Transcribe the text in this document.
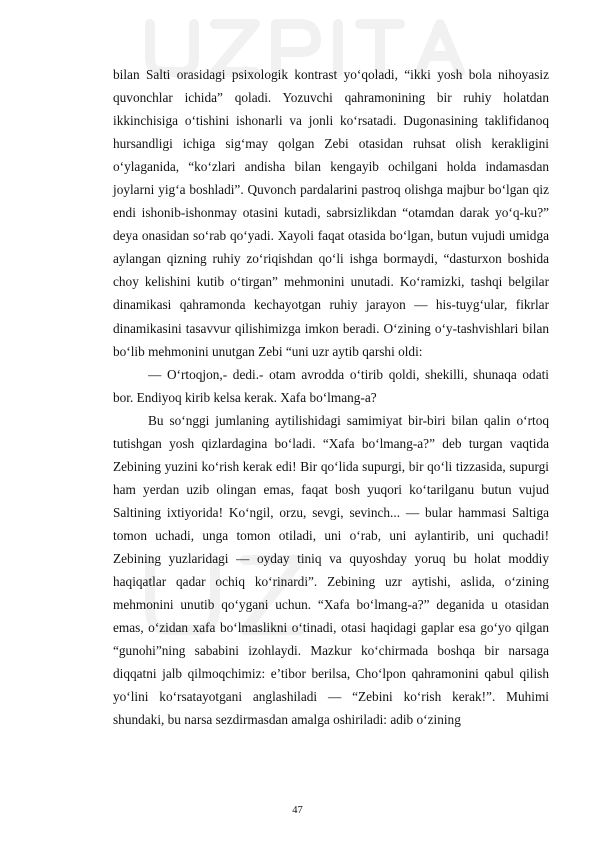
bilan Salti orasidagi psixologik kontrast yo‘qoladi, “ikki yosh bola nihoyasiz quvonchlar ichida” qoladi. Yozuvchi qahramonining bir ruhiy holatdan ikkinchisiga o‘tishini ishonarli va jonli ko‘rsatadi. Dugonasining taklifidanoq hursandligi ichiga sig‘may qolgan Zebi otasidan ruhsat olish kerakligini o‘ylaganida, “ko‘zlari andisha bilan kengayib ochilgani holda indamasdan joylarni yig‘a boshladi”. Quvonch pardalarini pastroq olishga majbur bo‘lgan qiz endi ishonib-ishonmay otasini kutadi, sabrsizlikdan “otamdan darak yo‘q-ku?” deya onasidan so‘rab qo‘yadi. Xayoli faqat otasida bo‘lgan, butun vujudi umidga aylangan qizning ruhiy zo‘riqishdan qo‘li ishga bormaydi, “dasturxon boshida choy kelishini kutib o‘tirgan” mehmonini unutadi. Ko‘ramizki, tashqi belgilar dinamikasi qahramonda kechayotgan ruhiy jarayon — his-tuyg‘ular, fikrlar dinamikasini tasavvur qilishimizga imkon beradi. O‘zining o‘y-tashvishlari bilan bo‘lib mehmonini unutgan Zebi “uni uzr aytib qarshi oldi:

— O‘rtoqjon,- dedi.- otam avrodda o‘tirib qoldi, shekilli, shunaqa odati bor. Endiyoq kirib kelsa kerak. Xafa bo‘lmang-a?

Bu so‘nggi jumlaning aytilishidagi samimiyat bir-biri bilan qalin o‘rtoq tutishgan yosh qizlardagina bo‘ladi. “Xafa bo‘lmang-a?” deb turgan vaqtida Zebining yuzini ko‘rish kerak edi! Bir qo‘lida supurgi, bir qo‘li tizzasida, supurgi ham yerdan uzib olingan emas, faqat bosh yuqori ko‘tarilganu butun vujud Saltining ixtiyorida! Ko‘ngil, orzu, sevgi, sevinch... — bular hammasi Saltiga tomon uchadi, unga tomon otiladi, uni o‘rab, uni aylantirib, uni quchadi! Zebining yuzlaridagi — oyday tiniq va quyoshday yoruq bu holat moddiy haqiqatlar qadar ochiq ko‘rinardi”. Zebining uzr aytishi, aslida, o‘zining mehmonini unutib qo‘ygani uchun. “Xafa bo‘lmang-a?” deganida u otasidan emas, o‘zidan xafa bo‘lmaslikni o‘tinadi, otasi haqidagi gaplar esa go‘yo qilgan “gunohi”ning sababini izohlaydi. Mazkur ko‘chirmada boshqa bir narsaga diqqatni jalb qilmoqchimiz: e’tibor berilsa, Cho‘lpon qahramonini qabul qilish yo‘lini ko‘rsatayotgani anglashiladi — “Zebini ko‘rish kerak!”. Muhimi shundaki, bu narsa sezdirmasdan amalga oshiriladi: adib o‘zining

47
